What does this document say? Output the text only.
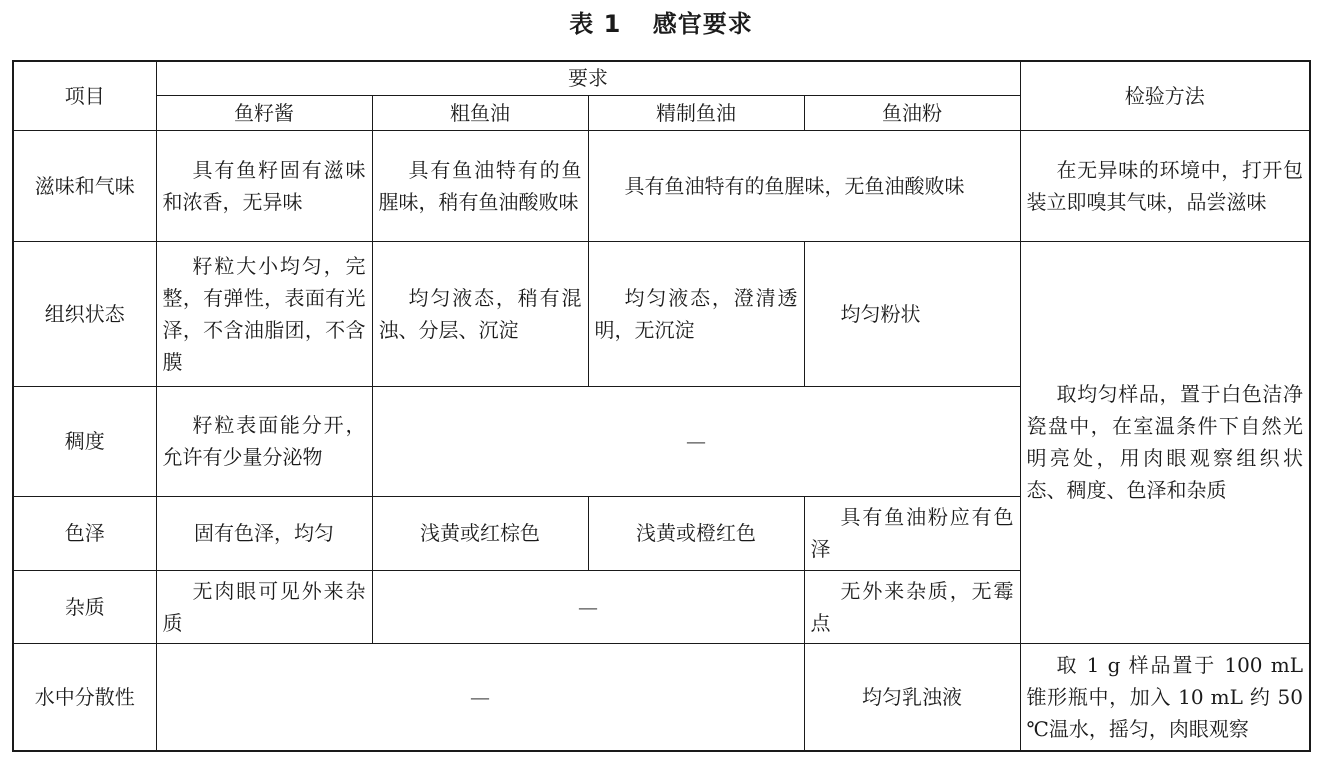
表 1 感官要求
项目	要求				检验方法
	鱼籽酱	粗鱼油	精制鱼油	鱼油粉	
滋味和气味	具有鱼籽固有滋味和浓香，无异味	具有鱼油特有的鱼腥味，稍有鱼油酸败味	具有鱼油特有的鱼腥味，无鱼油酸败味		在无异味的环境中，打开包装立即嗅其气味，品尝滋味
组织状态	籽粒大小均匀，完整，有弹性，表面有光泽，不含油脂团，不含膜	均匀液态，稍有混浊、分层、沉淀	均匀液态，澄清透明，无沉淀	均匀粉状	取均匀样品，置于白色洁净瓷盘中，在室温条件下自然光明亮处，用肉眼观察组织状态、稠度、色泽和杂质
稠度	籽粒表面能分开，允许有少量分泌物	—			
色泽	固有色泽，均匀	浅黄或红棕色	浅黄或橙红色	具有鱼油粉应有色泽	
杂质	无肉眼可见外来杂质	—		无外来杂质，无霉点	
水中分散性	—			均匀乳浊液	取 1 g 样品置于 100 mL 锥形瓶中，加入 10 mL 约 50 ℃温水，摇匀，肉眼观察
